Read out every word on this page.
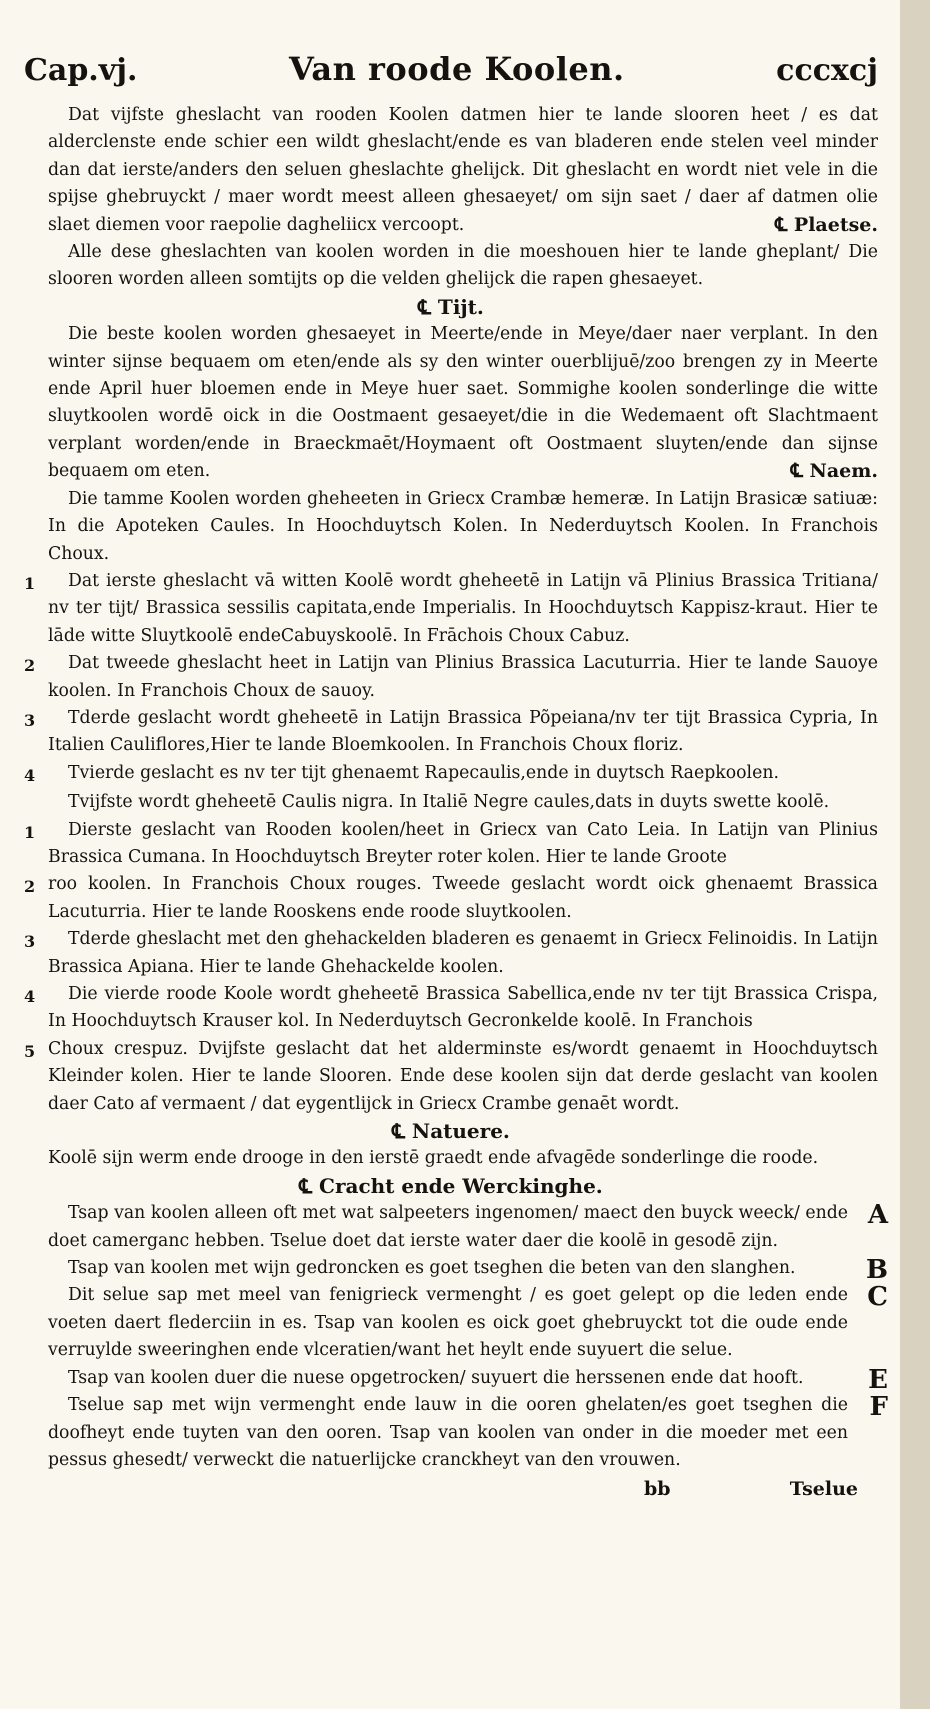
Cap.vj.	Van roode Koolen.	cccxcj
Dat vijfste gheslacht van rooden Koolen datmen hier te lande slooren heet / es dat alderclenste ende schier een wildt gheslacht/ende es van bladeren ende stelen veel minder dan dat ierste/anders den seluen gheslachte ghelijck. Dit gheslacht en wordt niet vele in die spijse ghebruyckt / maer wordt meest alleen ghesaeyet/ om sijn saet / daer af datmen olie slaet diemen voor raepolie dagheliicx vercoopt.	℄ Plaetse.
Alle dese gheslachten van koolen worden in die moeshouen hier te lande gheplant/ Die slooren worden alleen somtijts op die velden ghelijck die rapen ghesaeyet.
℄ Tijt.
Die beste koolen worden ghesaeyet in Meerte/ende in Meye/daer naer verplant. In den winter sijnse bequaem om eten/ende als sy den winter ouerblijuē/zoo brengen zy in Meerte ende April huer bloemen ende in Meye huer saet. Sommighe koolen sonderlinge die witte sluytkoolen wordē oick in die Oostmaent gesaeyet/die in die Wedemaent oft Slachtmaent verplant worden/ende in Braeckmaēt/Hoymaent oft Oostmaent sluyten/ende dan sijnse bequaem om eten.	℄ Naem.
Die tamme Koolen worden gheheeten in Griecx Crambæ hemeræ. In Latijn Brasicæ satiuæ: In die Apoteken Caules. In Hoochduytsch Kolen. In Nederduytsch Koolen. In Franchois Choux.
1	Dat ierste gheslacht vā witten Koolē wordt gheheetē in Latijn vā Plinius Brassica Tritiana/ nv ter tijt/ Brassica sessilis capitata,ende Imperialis. In Hoochduytsch Kappisz-kraut. Hier te lāde witte Sluytkoolē endeCabuyskoolē. In Frāchois Choux Cabuz.
2	Dat tweede gheslacht heet in Latijn van Plinius Brassica Lacuturria. Hier te lande Sauoye koolen. In Franchois Choux de sauoy.
3	Tderde geslacht wordt gheheetē in Latijn Brassica Põpeiana/nv ter tijt Brassica Cypria, In Italien Cauliflores,Hier te lande Bloemkoolen. In Franchois Choux floriz.
4	Tvierde geslacht es nv ter tijt ghenaemt Rapecaulis,ende in duytsch Raepkoolen.
Tvijfste wordt gheheetē Caulis nigra. In Italiē Negre caules,dats in duyts swette koolē.
1	Dierste geslacht van Rooden koolen/heet in Griecx van Cato Leia. In Latijn van Plinius Brassica Cumana. In Hoochduytsch Breyter roter kolen. Hier te lande Groote
2 roo koolen. In Franchois Choux rouges. Tweede geslacht wordt oick ghenaemt Brassica Lacuturria. Hier te lande Rooskens ende roode sluytkoolen.
3	Tderde gheslacht met den ghehackelden bladeren es genaemt in Griecx Felinoidis. In Latijn Brassica Apiana. Hier te lande Ghehackelde koolen.
4	Die vierde roode Koole wordt gheheetē Brassica Sabellica,ende nv ter tijt Brassica Crispa, In Hoochduytsch Krauser kol. In Nederduytsch Gecronkelde koolē. In Franchois
5 Choux crespuz. Dvijfste geslacht dat het alderminste es/wordt genaemt in Hoochduytsch Kleinder kolen. Hier te lande Slooren. Ende dese koolen sijn dat derde geslacht van koolen daer Cato af vermaent / dat eygentlijck in Griecx Crambe genaēt wordt.
℄ Natuere.
Koolē sijn werm ende drooge in den ierstē graedt ende afvagēde sonderlinge die roode.
℄ Cracht ende Werckinghe.
Tsap van koolen alleen oft met wat salpeeters ingenomen/ maect den buyck weeck/ ende doet camerganc hebben. Tselue doet dat ierste water daer die koolē in gesodē zijn.
A
Tsap van koolen met wijn gedroncken es goet tseghen die beten van den slanghen.	B
Dit selue sap met meel van fenigrieck vermenght / es goet gelept op die leden ende voeten daert flederciin in es. Tsap van koolen es oick goet ghebruyckt tot die oude ende verruylde sweeringhen ende vlceratien/want het heylt ende suyuert die selue.
C
Tsap van koolen duer die nuese opgetrocken/ suyuert die herssenen ende dat hooft.	E
Tselue sap met wijn vermenght ende lauw in die ooren ghelaten/es goet tseghen die doofheyt ende tuyten van den ooren. Tsap van koolen van onder in die moeder met een pessus ghesedt/ verweckt die natuerlijcke cranckheyt van den vrouwen.
F
bb	Tselue
